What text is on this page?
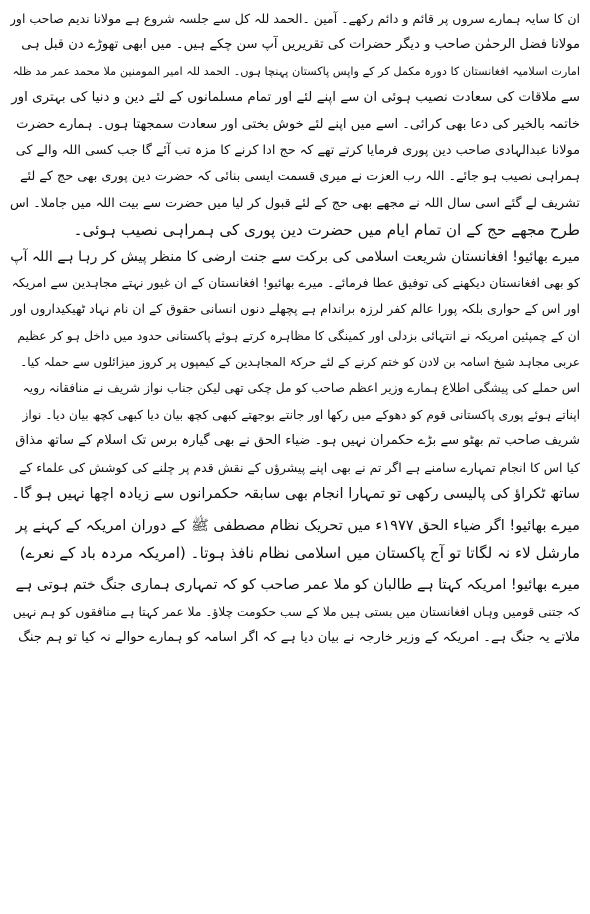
ان کا سایہ ہمارے سروں پر قائم و دائم رکھے۔ آمین ۔الحمد للہ کل سے جلسہ شروع ہے مولانا ندیم صاحب اور
مولانا فضل الرحمٰن صاحب و دیگر حضرات کی تقریریں آپ سن چکے ہیں۔ میں ابھی تھوڑے دن قبل ہی
امارت اسلامیہ افغانستان کا دورہ مکمل کر کے واپس پاکستان پہنچا ہوں۔ الحمد للہ امیر المومنین ملا محمد عمر مد ظلہ
سے ملاقات کی سعادت نصیب ہوئی ان سے اپنے لئے اور تمام مسلمانوں کے لئے دین و دنیا کی بہتری اور
خاتمہ بالخیر کی دعا بھی کرائی۔ اسے میں اپنے لئے خوش بختی اور سعادت سمجھتا ہوں۔ ہمارے حضرت
مولانا عبدالہادی صاحب دین پوری فرمایا کرتے تھے کہ حج ادا کرنے کا مزہ تب آئے گا جب کسی اللہ والے کی
ہمراہی نصیب ہو جائے۔ اللہ رب العزت نے میری قسمت ایسی بنائی کہ حضرت دین پوری بھی حج کے لئے
تشریف لے گئے اسی سال اللہ نے مجھے بھی حج کے لئے قبول کر لیا میں حضرت سے بیت اللہ میں جاملا۔ اس
طرح مجھے حج کے ان تمام ایام میں حضرت دین پوری کی ہمراہی نصیب ہوئی۔
میرے بھائیو! افغانستان شریعت اسلامی کی برکت سے جنت ارضی کا منظر پیش کر رہا ہے اللہ آپ
کو بھی افغانستان دیکھنے کی توفیق عطا فرمائے۔ میرے بھائیو! افغانستان کے ان غیور نہتے مجاہدین سے امریکہ
اور اس کے حواری بلکہ پورا عالم کفر لرزہ براندام ہے پچھلے دنوں انسانی حقوق کے ان نام نہاد ٹھیکیداروں اور
ان کے چمپئین امریکہ نے انتہائی بزدلی اور کمینگی کا مظاہرہ کرتے ہوئے پاکستانی حدود میں داخل ہو کر عظیم
عربی مجاہد شیخ اسامہ بن لادن کو ختم کرنے کے لئے حرکۃ المجاہدین کے کیمپوں پر کروز میزائلوں سے حملہ کیا۔
اس حملے کی پیشگی اطلاع ہمارے وزیر اعظم صاحب کو مل چکی تھی لیکن جناب نواز شریف نے منافقانہ رویہ
اپناتے ہوئے پوری پاکستانی قوم کو دھوکے میں رکھا اور جانتے بوجھتے کبھی کچھ بیان دیا کبھی کچھ بیان دیا۔ نواز
شریف صاحب تم بھٹو سے بڑے حکمران نہیں ہو۔ ضیاء الحق نے بھی گیارہ برس تک اسلام کے ساتھ مذاق
کیا اس کا انجام تمہارے سامنے ہے اگر تم نے بھی اپنے پیشرؤں کے نقش قدم پر چلنے کی کوشش کی علماء کے
ساتھ ٹکراؤ کی پالیسی رکھی تو تمہارا انجام بھی سابقہ حکمرانوں سے زیادہ اچھا نہیں ہو گا۔
میرے بھائیو! اگر ضیاء الحق ۱۹۷۷ء میں تحریک نظام مصطفی ﷺ کے دوران امریکہ کے کہنے پر
مارشل لاء نہ لگاتا تو آج پاکستان میں اسلامی نظام نافذ ہوتا۔ (امریکہ مردہ باد کے نعرے)
میرے بھائیو! امریکہ کہتا ہے طالبان کو ملا عمر صاحب کو کہ تمہاری ہماری جنگ ختم ہوتی ہے
کہ جتنی قومیں وہاں افغانستان میں بستی ہیں ملا کے سب حکومت چلاؤ۔ ملا عمر کہتا ہے منافقوں کو ہم نہیں
ملاتے یہ جنگ ہے۔ امریکہ کے وزیر خارجہ نے بیان دیا ہے کہ اگر اسامہ کو ہمارے حوالے نہ کیا تو ہم جنگ
